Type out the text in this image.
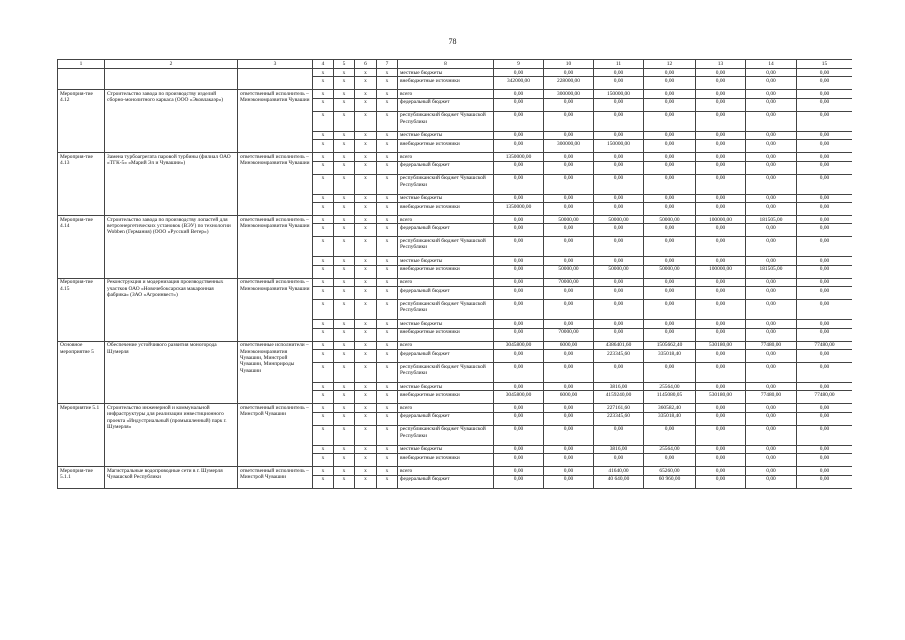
78
1	2	3	4	5	6	7	8	9	10	11	12	13	14	15
			x	x	x	x	местные бюджеты	0,00	0,00	0,00	0,00	0,00	0,00	0,00
			x	x	x	x	внебюджетные источники	342000,00	228000,00	0,00	0,00	0,00	0,00	0,00
Мероприя-тие 4.12	Строительство завода по производству изделий сборно-монолитного каркаса (ООО «Эковлакаэр»)	ответственный исполнитель – Минэкономразвития Чувашии	x	x	x	x	всего	0,00	300000,00	150000,00	0,00	0,00	0,00	0,00
			x	x	x	x	федеральный бюджет	0,00	0,00	0,00	0,00	0,00	0,00	0,00
			x	x	x	x	республиканский бюджет Чувашской Республики	0,00	0,00	0,00	0,00	0,00	0,00	0,00
			x	x	x	x	местные бюджеты	0,00	0,00	0,00	0,00	0,00	0,00	0,00
			x	x	x	x	внебюджетные источники	0,00	300000,00	150000,00	0,00	0,00	0,00	0,00
Мероприя-тие 4.13	Замена турбоагрегата паровой турбины (филиал ОАО «ТГК-5» «Марий Эл и Чувашии»)	ответственный исполнитель – Минэкономразвития Чувашии	x	x	x	x	всего	1350000,00	0,00	0,00	0,00	0,00	0,00	0,00
			x	x	x	x	федеральный бюджет	0,00	0,00	0,00	0,00	0,00	0,00	0,00
			x	x	x	x	республиканский бюджет Чувашской Республики	0,00	0,00	0,00	0,00	0,00	0,00	0,00
			x	x	x	x	местные бюджеты	0,00	0,00	0,00	0,00	0,00	0,00	0,00
			x	x	x	x	внебюджетные источники	1350000,00	0,00	0,00	0,00	0,00	0,00	0,00
Мероприя-тие 4.14	Строительство завода по производству лопастей для ветроэнергетических установок (ВЭУ) по технологии Wobben (Германия) (ООО «Русский Ветер»)	ответственный исполнитель – Минэкономразвития Чувашии	x	x	x	x	всего	0,00	50000,00	50000,00	50000,00	100000,00	181505,00	0,00
			x	x	x	x	федеральный бюджет	0,00	0,00	0,00	0,00	0,00	0,00	0,00
			x	x	x	x	республиканский бюджет Чувашской Республики	0,00	0,00	0,00	0,00	0,00	0,00	0,00
			x	x	x	x	местные бюджеты	0,00	0,00	0,00	0,00	0,00	0,00	0,00
			x	x	x	x	внебюджетные источники	0,00	50000,00	50000,00	50000,00	100000,00	181505,00	0,00
Мероприя-тие 4.15	Реконструкция и модернизация производственных участков ОАО «Новочебоксарская макаронная фабрика» (ЗАО «Агроинвест»)	ответственный исполнитель – Минэкономразвития Чувашии	x	x	x	x	всего	0,00	70000,00	0,00	0,00	0,00	0,00	0,00
			x	x	x	x	федеральный бюджет	0,00	0,00	0,00	0,00	0,00	0,00	0,00
			x	x	x	x	республиканский бюджет Чувашской Республики	0,00	0,00	0,00	0,00	0,00	0,00	0,00
			x	x	x	x	местные бюджеты	0,00	0,00	0,00	0,00	0,00	0,00	0,00
			x	x	x	x	внебюджетные источники	0,00	70000,00	0,00	0,00	0,00	0,00	0,00
Основное мероприятие 5	Обеспечение устойчивого развития моногорода Шумерля	ответственные исполнители – Минэкономразвития Чувашии, Минстрой Чувашии, Минприроды Чувашии	x	x	x	x	всего	3045800,00	6000,00	4386401,60	1505662,40	530180,00	77480,00	77480,00
			x	x	x	x	федеральный бюджет	0,00	0,00	223345,60	335018,40	0,00	0,00	0,00
			x	x	x	x	республиканский бюджет Чувашской Республики	0,00	0,00	0,00	0,00	0,00	0,00	0,00
			x	x	x	x	местные бюджеты	0,00	0,00	3816,00	25564,00	0,00	0,00	0,00
			x	x	x	x	внебюджетные источники	3045800,00	6000,00	4159240,00	1145080,05	530180,00	77480,00	77480,00
Мероприятие 5.1	Строительство инженерной и коммунальной инфраструктуры для реализации инвестиционного проекта «Индустриальный (промышленный) парк г. Шумерля»	ответственный исполнитель – Минстрой Чувашии	x	x	x	x	всего	0,00	0,00	227161,60	360582,40	0,00	0,00	0,00
			x	x	x	x	федеральный бюджет	0,00	0,00	223345,60	335018,40	0,00	0,00	0,00
			x	x	x	x	республиканский бюджет Чувашской Республики	0,00	0,00	0,00	0,00	0,00	0,00	0,00
			x	x	x	x	местные бюджеты	0,00	0,00	3816,00	25564,00	0,00	0,00	0,00
			x	x	x	x	внебюджетные источники	0,00	0,00	0,00	0,00	0,00	0,00	0,00
Мероприя-тие 5.1.1	Магистральные водопроводные сети в г. Шумерля Чувашской Республики	ответственный исполнитель – Минстрой Чувашии	x	x	x	x	всего	0,00	0,00	41640,00	65260,00	0,00	0,00	0,00
			x	x	x	x	федеральный бюджет	0,00	0,00	40 640,00	60 960,00	0,00	0,00	0,00
